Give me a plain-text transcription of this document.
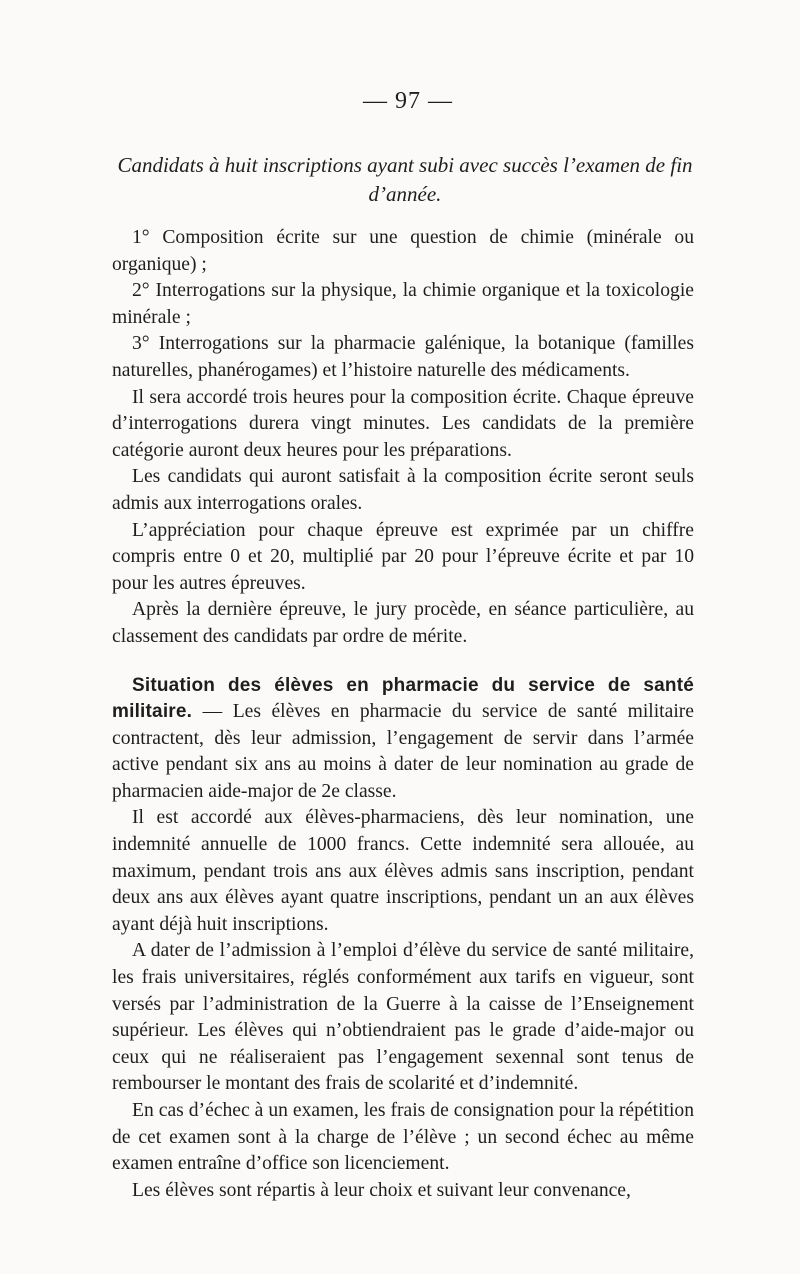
— 97 —
Candidats à huit inscriptions ayant subi avec succès l’examen de fin d’année.

1° Composition écrite sur une question de chimie (minérale ou organique) ;

2° Interrogations sur la physique, la chimie organique et la toxicologie minérale ;

3° Interrogations sur la pharmacie galénique, la botanique (familles naturelles, phanérogames) et l’histoire naturelle des médicaments.

Il sera accordé trois heures pour la composition écrite. Chaque épreuve d’interrogations durera vingt minutes. Les candidats de la première catégorie auront deux heures pour les préparations.

Les candidats qui auront satisfait à la composition écrite seront seuls admis aux interrogations orales.

L’appréciation pour chaque épreuve est exprimée par un chiffre compris entre 0 et 20, multiplié par 20 pour l’épreuve écrite et par 10 pour les autres épreuves.

Après la dernière épreuve, le jury procède, en séance particulière, au classement des candidats par ordre de mérite.

Situation des élèves en pharmacie du service de santé militaire. — Les élèves en pharmacie du service de santé militaire contractent, dès leur admission, l’engagement de servir dans l’armée active pendant six ans au moins à dater de leur nomination au grade de pharmacien aide-major de 2e classe.

Il est accordé aux élèves-pharmaciens, dès leur nomination, une indemnité annuelle de 1000 francs. Cette indemnité sera allouée, au maximum, pendant trois ans aux élèves admis sans inscription, pendant deux ans aux élèves ayant quatre inscriptions, pendant un an aux élèves ayant déjà huit inscriptions.

A dater de l’admission à l’emploi d’élève du service de santé militaire, les frais universitaires, réglés conformément aux tarifs en vigueur, sont versés par l’administration de la Guerre à la caisse de l’Enseignement supérieur. Les élèves qui n’obtiendraient pas le grade d’aide-major ou ceux qui ne réaliseraient pas l’engagement sexennal sont tenus de rembourser le montant des frais de scolarité et d’indemnité.

En cas d’échec à un examen, les frais de consignation pour la répétition de cet examen sont à la charge de l’élève ; un second échec au même examen entraîne d’office son licenciement.

Les élèves sont répartis à leur choix et suivant leur convenance,
